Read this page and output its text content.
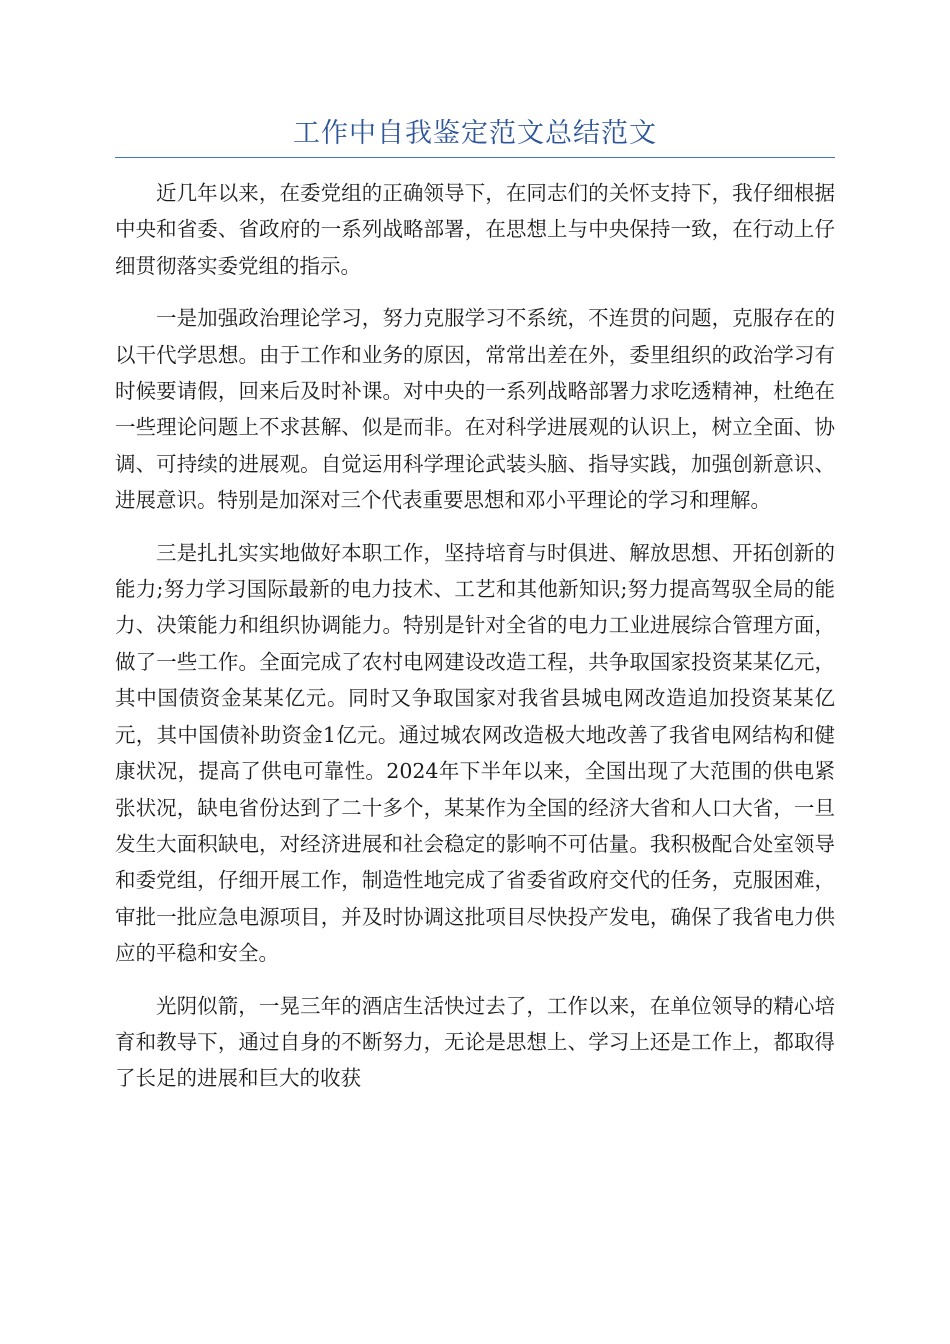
工作中自我鉴定范文总结范文

近几年以来，在委党组的正确领导下，在同志们的关怀支持下，我仔细根据中央和省委、省政府的一系列战略部署，在思想上与中央保持一致，在行动上仔细贯彻落实委党组的指示。

一是加强政治理论学习，努力克服学习不系统，不连贯的问题，克服存在的以干代学思想。由于工作和业务的原因，常常出差在外，委里组织的政治学习有时候要请假，回来后及时补课。对中央的一系列战略部署力求吃透精神，杜绝在一些理论问题上不求甚解、似是而非。在对科学进展观的认识上，树立全面、协调、可持续的进展观。自觉运用科学理论武装头脑、指导实践，加强创新意识、进展意识。特别是加深对三个代表重要思想和邓小平理论的学习和理解。

三是扎扎实实地做好本职工作，坚持培育与时俱进、解放思想、开拓创新的能力;努力学习国际最新的电力技术、工艺和其他新知识;努力提高驾驭全局的能力、决策能力和组织协调能力。特别是针对全省的电力工业进展综合管理方面，做了一些工作。全面完成了农村电网建设改造工程，共争取国家投资某某亿元，其中国债资金某某亿元。同时又争取国家对我省县城电网改造追加投资某某亿元，其中国债补助资金1亿元。通过城农网改造极大地改善了我省电网结构和健康状况，提高了供电可靠性。2024年下半年以来，全国出现了大范围的供电紧张状况，缺电省份达到了二十多个，某某作为全国的经济大省和人口大省，一旦发生大面积缺电，对经济进展和社会稳定的影响不可估量。我积极配合处室领导和委党组，仔细开展工作，制造性地完成了省委省政府交代的任务，克服困难，审批一批应急电源项目，并及时协调这批项目尽快投产发电，确保了我省电力供应的平稳和安全。

光阴似箭，一晃三年的酒店生活快过去了，工作以来，在单位领导的精心培育和教导下，通过自身的不断努力，无论是思想上、学习上还是工作上，都取得了长足的进展和巨大的收获
